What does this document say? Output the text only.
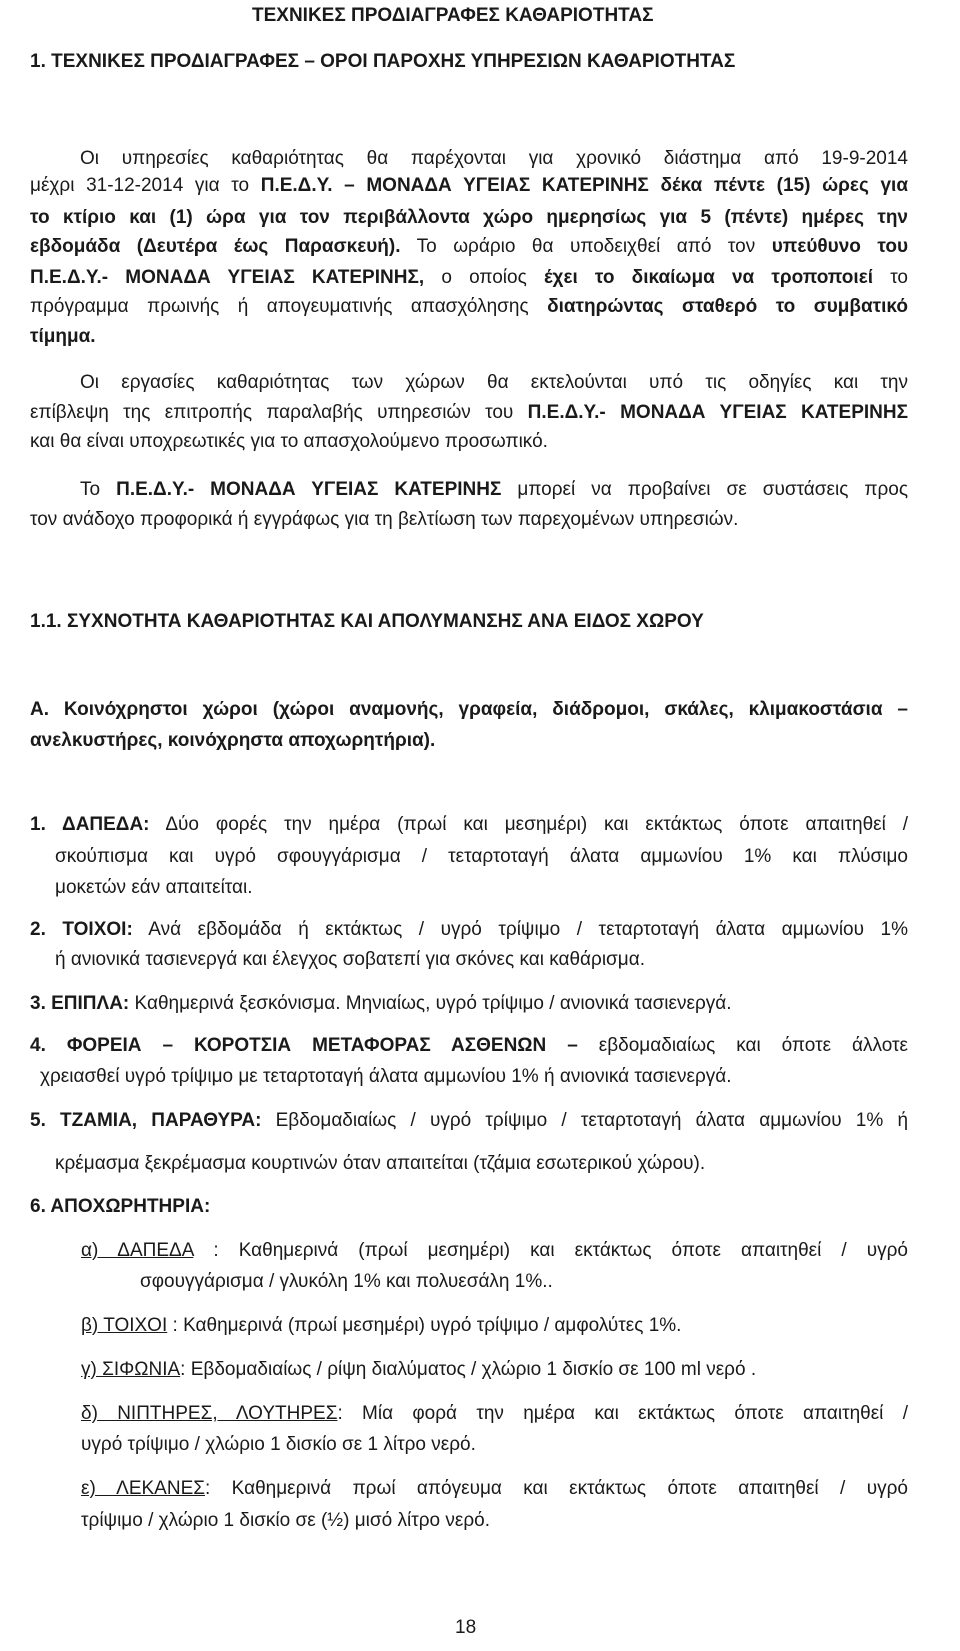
ΤΕΧΝΙΚΕΣ ΠΡΟΔΙΑΓΡΑΦΕΣ ΚΑΘΑΡΙΟΤΗΤΑΣ
1. ΤΕΧΝΙΚΕΣ ΠΡΟΔΙΑΓΡΑΦΕΣ – ΟΡΟΙ ΠΑΡΟΧΗΣ ΥΠΗΡΕΣΙΩΝ ΚΑΘΑΡΙΟΤΗΤΑΣ
Οι υπηρεσίες καθαριότητας θα παρέχονται για χρονικό διάστημα από 19-9-2014
μέχρι 31-12-2014 για το Π.Ε.Δ.Υ. – ΜΟΝΑΔΑ ΥΓΕΙΑΣ ΚΑΤΕΡΙΝΗΣ δέκα πέντε (15) ώρες για
το κτίριο και (1) ώρα για τον περιβάλλοντα χώρο ημερησίως για 5 (πέντε) ημέρες την
εβδομάδα (Δευτέρα έως Παρασκευή). Το ωράριο θα υποδειχθεί από τον υπεύθυνο του
Π.Ε.Δ.Υ.- ΜΟΝΑΔΑ ΥΓΕΙΑΣ ΚΑΤΕΡΙΝΗΣ, ο οποίος έχει το δικαίωμα να τροποποιεί το
πρόγραμμα πρωινής ή απογευματινής απασχόλησης διατηρώντας σταθερό το συμβατικό
τίμημα.
Οι εργασίες καθαριότητας των χώρων θα εκτελούνται υπό τις οδηγίες και την
επίβλεψη της επιτροπής παραλαβής υπηρεσιών του Π.Ε.Δ.Υ.- ΜΟΝΑΔΑ ΥΓΕΙΑΣ ΚΑΤΕΡΙΝΗΣ
και θα είναι υποχρεωτικές για το απασχολούμενο προσωπικό.
Το Π.Ε.Δ.Υ.- ΜΟΝΑΔΑ ΥΓΕΙΑΣ ΚΑΤΕΡΙΝΗΣ μπορεί να προβαίνει σε συστάσεις προς
τον ανάδοχο προφορικά ή εγγράφως για τη βελτίωση των παρεχομένων υπηρεσιών.
1.1. ΣΥΧΝΟΤΗΤΑ ΚΑΘΑΡΙΟΤΗΤΑΣ ΚΑΙ ΑΠΟΛΥΜΑΝΣΗΣ ΑΝΑ ΕΙΔΟΣ ΧΩΡΟΥ
Α. Κοινόχρηστοι χώροι (χώροι αναμονής, γραφεία, διάδρομοι, σκάλες, κλιμακοστάσια –
ανελκυστήρες, κοινόχρηστα αποχωρητήρια).
1. ΔΑΠΕΔΑ: Δύο φορές την ημέρα (πρωί και μεσημέρι) και εκτάκτως όποτε απαιτηθεί /
σκούπισμα και υγρό σφουγγάρισμα / τεταρτοταγή άλατα αμμωνίου 1% και πλύσιμο
μοκετών εάν απαιτείται.
2. ΤΟΙΧΟΙ: Ανά εβδομάδα ή εκτάκτως / υγρό τρίψιμο / τεταρτοταγή άλατα αμμωνίου 1%
ή ανιονικά τασιενεργά και έλεγχος σοβατεπί για σκόνες και καθάρισμα.
3. ΕΠΙΠΛΑ: Καθημερινά ξεσκόνισμα. Μηνιαίως, υγρό τρίψιμο / ανιονικά τασιενεργά.
4. ΦΟΡΕΙΑ – ΚΟΡΟΤΣΙΑ ΜΕΤΑΦΟΡΑΣ ΑΣΘΕΝΩΝ – εβδομαδιαίως και όποτε άλλοτε
χρειασθεί υγρό τρίψιμο με τεταρτοταγή άλατα αμμωνίου 1% ή ανιονικά τασιενεργά.
5. ΤΖΑΜΙΑ, ΠΑΡΑΘΥΡΑ: Εβδομαδιαίως / υγρό τρίψιμο / τεταρτοταγή άλατα αμμωνίου 1% ή
κρέμασμα ξεκρέμασμα κουρτινών όταν απαιτείται (τζάμια εσωτερικού χώρου).
6. ΑΠΟΧΩΡΗΤΗΡΙΑ:
α) ΔΑΠΕΔΑ : Καθημερινά (πρωί μεσημέρι) και εκτάκτως όποτε απαιτηθεί / υγρό
σφουγγάρισμα / γλυκόλη 1% και πολυεσάλη 1%..
β) ΤΟΙΧΟΙ : Καθημερινά (πρωί μεσημέρι) υγρό τρίψιμο / αμφολύτες 1%.
γ) ΣΙΦΩΝΙΑ: Εβδομαδιαίως / ρίψη διαλύματος / χλώριο 1 δισκίο σε 100 ml νερό .
δ) ΝΙΠΤΗΡΕΣ, ΛΟΥΤΗΡΕΣ: Μία φορά την ημέρα και εκτάκτως όποτε απαιτηθεί /
υγρό τρίψιμο / χλώριο 1 δισκίο σε 1 λίτρο νερό.
ε) ΛΕΚΑΝΕΣ: Καθημερινά πρωί απόγευμα και εκτάκτως όποτε απαιτηθεί / υγρό
τρίψιμο / χλώριο 1 δισκίο σε (½) μισό λίτρο νερό.
18
